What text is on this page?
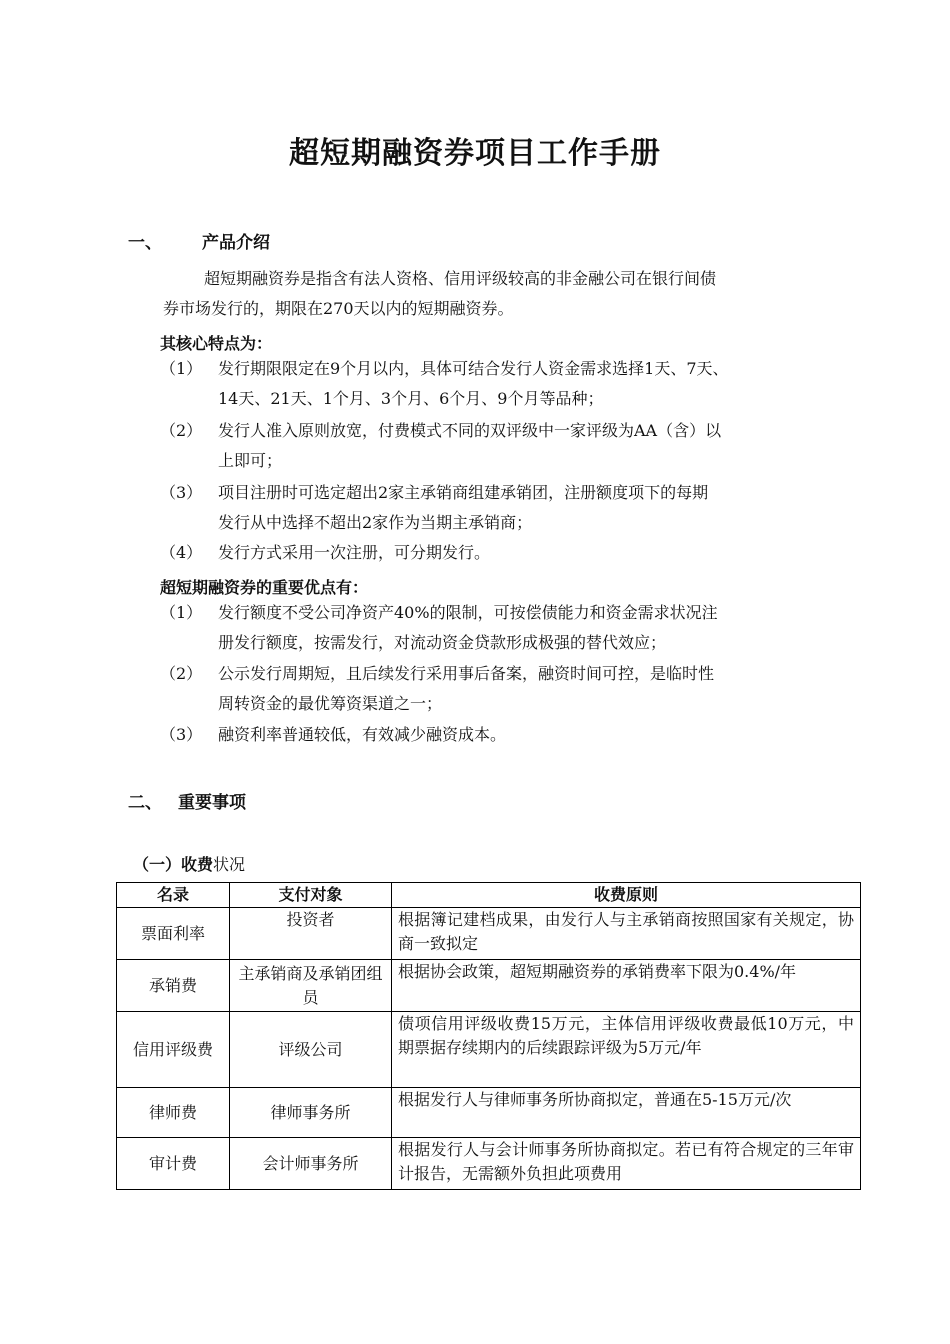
超短期融资券项目工作手册
一、 产品介绍
超短期融资券是指含有法人资格、信用评级较高的非金融公司在银行间债
券市场发行的，期限在270天以内的短期融资券。
其核心特点为：
（1） 发行期限限定在9个月以内，具体可结合发行人资金需求选择1天、7天、
14天、21天、1个月、3个月、6个月、9个月等品种；
（2） 发行人准入原则放宽，付费模式不同的双评级中一家评级为AA（含）以
上即可；
（3） 项目注册时可选定超出2家主承销商组建承销团，注册额度项下的每期
发行从中选择不超出2家作为当期主承销商；
（4） 发行方式采用一次注册，可分期发行。
超短期融资券的重要优点有：
（1） 发行额度不受公司净资产40%的限制，可按偿债能力和资金需求状况注
册发行额度，按需发行，对流动资金贷款形成极强的替代效应；
（2） 公示发行周期短，且后续发行采用事后备案，融资时间可控，是临时性
周转资金的最优筹资渠道之一；
（3） 融资利率普通较低，有效减少融资成本。
二、 重要事项
（一）收费状况
名录	支付对象	收费原则
票面利率	投资者	根据簿记建档成果，由发行人与主承销商按照国家有关规定，协商一致拟定
承销费	主承销商及承销团组员	根据协会政策，超短期融资券的承销费率下限为0.4%/年
信用评级费	评级公司	债项信用评级收费15万元，主体信用评级收费最低10万元，中期票据存续期内的后续跟踪评级为5万元/年
律师费	律师事务所	根据发行人与律师事务所协商拟定，普通在5-15万元/次
审计费	会计师事务所	根据发行人与会计师事务所协商拟定。若已有符合规定的三年审计报告，无需额外负担此项费用
